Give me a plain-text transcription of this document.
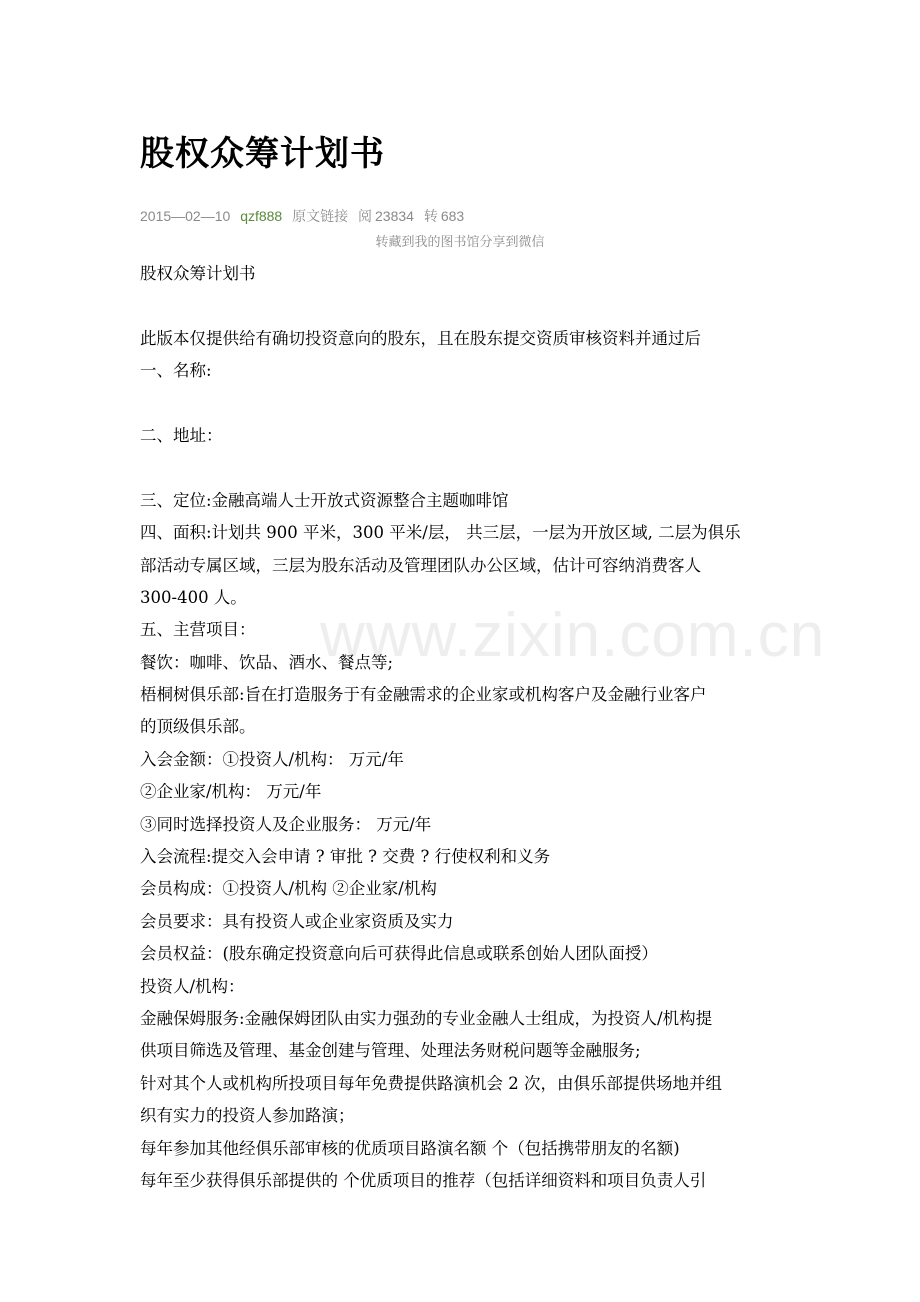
股权众筹计划书
2015—02—10 qzf888 原文链接 阅 23834 转 683
转藏到我的图书馆分享到微信
股权众筹计划书
此版本仅提供给有确切投资意向的股东，且在股东提交资质审核资料并通过后
一、名称:
二、地址：
三、定位:金融高端人士开放式资源整合主题咖啡馆
四、面积:计划共 900 平米，300 平米/层， 共三层，一层为开放区域, 二层为俱乐
部活动专属区域，三层为股东活动及管理团队办公区域，估计可容纳消费客人
300-400 人。
五、主营项目：
餐饮：咖啡、饮品、酒水、餐点等;
梧桐树俱乐部:旨在打造服务于有金融需求的企业家或机构客户及金融行业客户
的顶级俱乐部。
入会金额：①投资人/机构： 万元/年
②企业家/机构： 万元/年
③同时选择投资人及企业服务： 万元/年
入会流程:提交入会申请 ? 审批 ? 交费 ? 行使权利和义务
会员构成：①投资人/机构 ②企业家/机构
会员要求：具有投资人或企业家资质及实力
会员权益：(股东确定投资意向后可获得此信息或联系创始人团队面授）
投资人/机构：
金融保姆服务:金融保姆团队由实力强劲的专业金融人士组成，为投资人/机构提
供项目筛选及管理、基金创建与管理、处理法务财税问题等金融服务;
针对其个人或机构所投项目每年免费提供路演机会 2 次，由俱乐部提供场地并组
织有实力的投资人参加路演；
每年参加其他经俱乐部审核的优质项目路演名额 个（包括携带朋友的名额)
每年至少获得俱乐部提供的 个优质项目的推荐（包括详细资料和项目负责人引
www.zixin.com.cn
